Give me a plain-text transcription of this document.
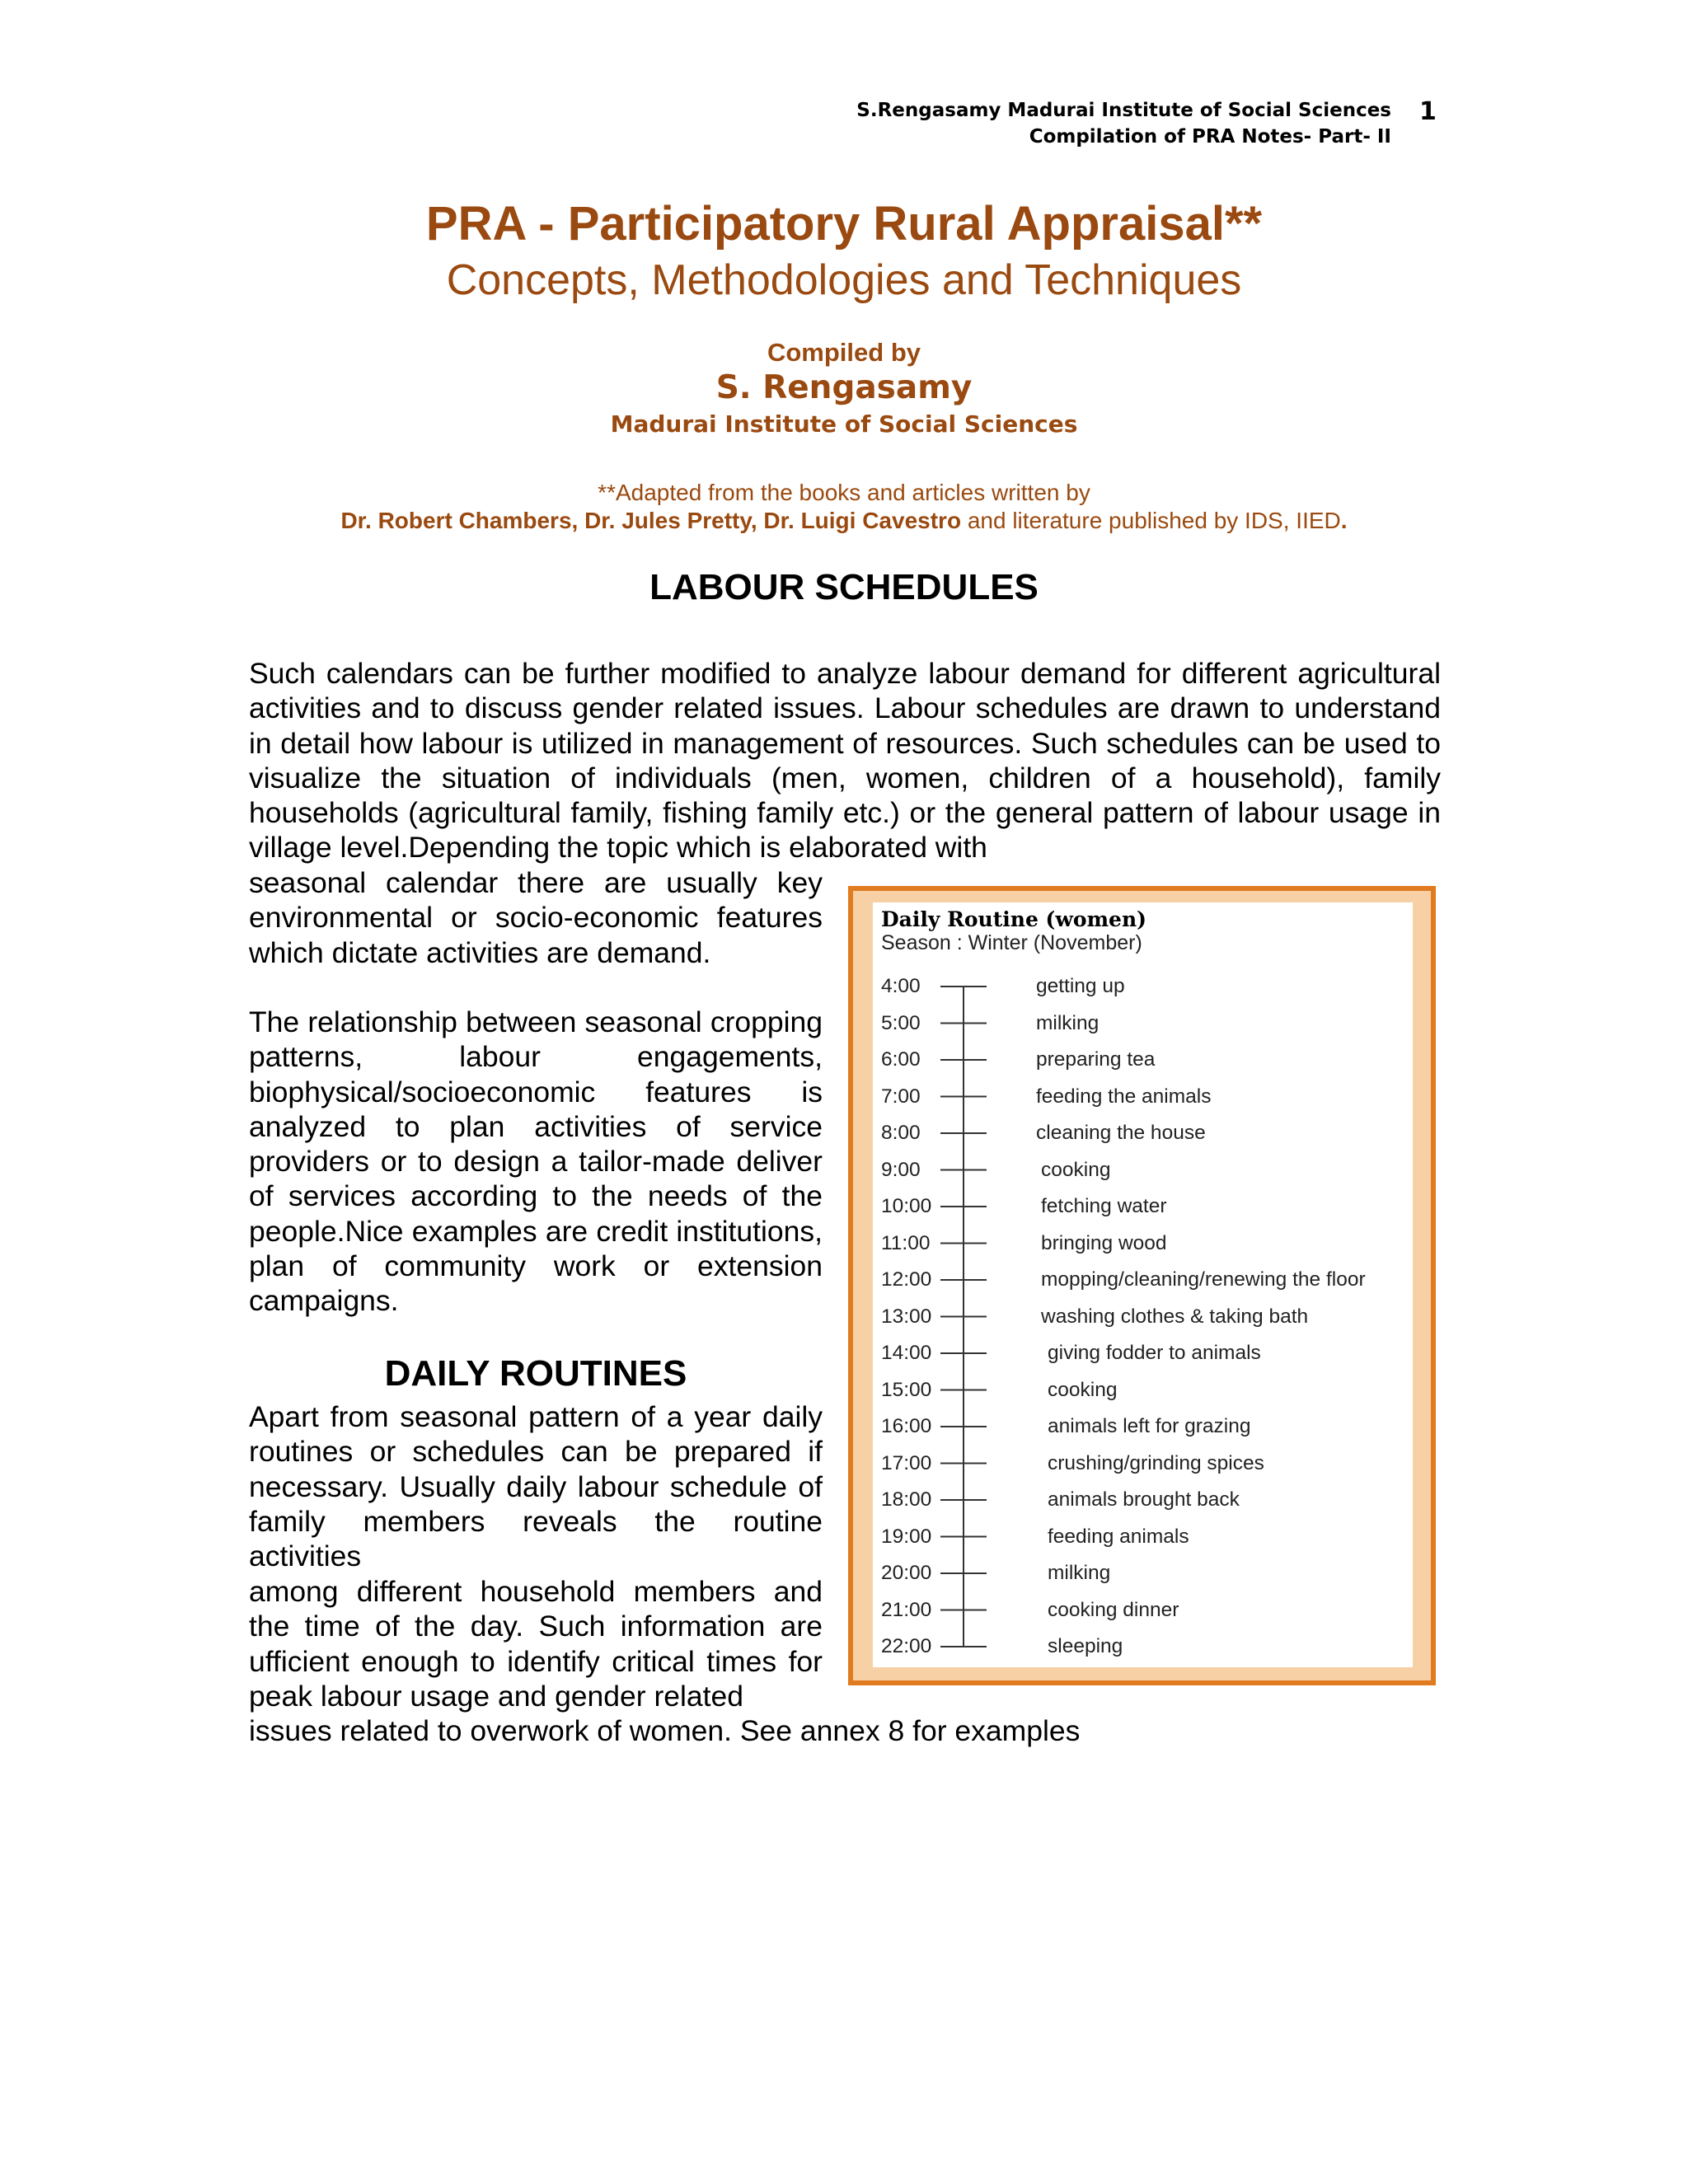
S.Rengasamy Madurai Institute of Social Sciences
Compilation of PRA Notes- Part- II
1
PRA - Participatory Rural Appraisal**
Concepts, Methodologies and Techniques
Compiled by
S. Rengasamy
Madurai Institute of Social Sciences
**Adapted from the books and articles written by
Dr. Robert Chambers, Dr. Jules Pretty, Dr. Luigi Cavestro and literature published by IDS, IIED.
LABOUR SCHEDULES
Such calendars can be further modified to analyze labour demand for different agricultural activities and to discuss gender related issues. Labour schedules are drawn to understand in detail how labour is utilized in management of resources. Such schedules can be used to visualize the situation of individuals (men, women, children of a household), family households (agricultural family, fishing family etc.) or the general pattern of labour usage in village level.Depending the topic which is elaborated with
seasonal calendar there are usually key environmental or socio-economic features which dictate activities are demand.
The relationship between seasonal cropping patterns, labour engagements, biophysical/socioeconomic features is analyzed to plan activities of service providers or to design a tailor-made deliver of services according to the needs of the people.Nice examples are credit institutions, plan of community work or extension campaigns.
DAILY ROUTINES
Apart from seasonal pattern of a year daily routines or schedules can be prepared if necessary. Usually daily labour schedule of family members reveals the routine activities
among different household members and the time of the day. Such information are ufficient enough to identify critical times for peak labour usage and gender related
issues related to overwork of women. See annex 8 for examples
Daily Routine (women)
Season : Winter (November)
4:00	getting up
5:00	milking
6:00	preparing tea
7:00	feeding the animals
8:00	cleaning the house
9:00	cooking
10:00	fetching water
11:00	bringing wood
12:00	mopping/cleaning/renewing the floor
13:00	washing clothes & taking bath
14:00	giving fodder to animals
15:00	cooking
16:00	animals left for grazing
17:00	crushing/grinding spices
18:00	animals brought back
19:00	feeding animals
20:00	milking
21:00	cooking dinner
22:00	sleeping
